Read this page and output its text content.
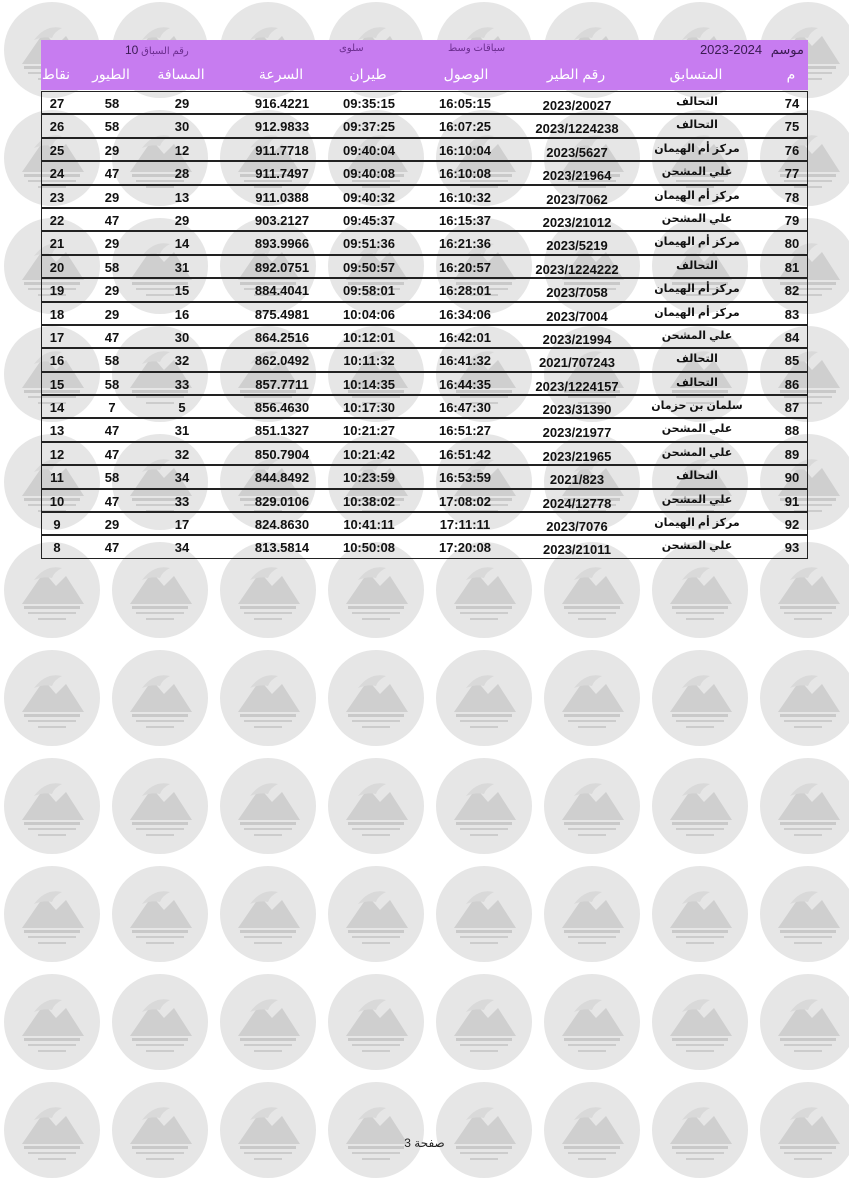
موسم 2024-2023
سباقات وسط
سلوى
رقم السباق 10
نقاط	الطيور	المسافة	السرعة	طيران	الوصول	رقم الطير	المتسابق	م
27	58	29	916.4221	09:35:15	16:05:15	2023/20027	التحالف	74
26	58	30	912.9833	09:37:25	16:07:25	2023/1224238	التحالف	75
25	29	12	911.7718	09:40:04	16:10:04	2023/5627	مركز أم الهيمان	76
24	47	28	911.7497	09:40:08	16:10:08	2023/21964	علي المشحن	77
23	29	13	911.0388	09:40:32	16:10:32	2023/7062	مركز أم الهيمان	78
22	47	29	903.2127	09:45:37	16:15:37	2023/21012	علي المشحن	79
21	29	14	893.9966	09:51:36	16:21:36	2023/5219	مركز أم الهيمان	80
20	58	31	892.0751	09:50:57	16:20:57	2023/1224222	التحالف	81
19	29	15	884.4041	09:58:01	16:28:01	2023/7058	مركز أم الهيمان	82
18	29	16	875.4981	10:04:06	16:34:06	2023/7004	مركز أم الهيمان	83
17	47	30	864.2516	10:12:01	16:42:01	2023/21994	علي المشحن	84
16	58	32	862.0492	10:11:32	16:41:32	2021/707243	التحالف	85
15	58	33	857.7711	10:14:35	16:44:35	2023/1224157	التحالف	86
14	7	5	856.4630	10:17:30	16:47:30	2023/31390	سلمان بن حزمان	87
13	47	31	851.1327	10:21:27	16:51:27	2023/21977	علي المشحن	88
12	47	32	850.7904	10:21:42	16:51:42	2023/21965	علي المشحن	89
11	58	34	844.8492	10:23:59	16:53:59	2021/823	التحالف	90
10	47	33	829.0106	10:38:02	17:08:02	2024/12778	علي المشحن	91
9	29	17	824.8630	10:41:11	17:11:11	2023/7076	مركز أم الهيمان	92
8	47	34	813.5814	10:50:08	17:20:08	2023/21011	علي المشحن	93
صفحة 3
